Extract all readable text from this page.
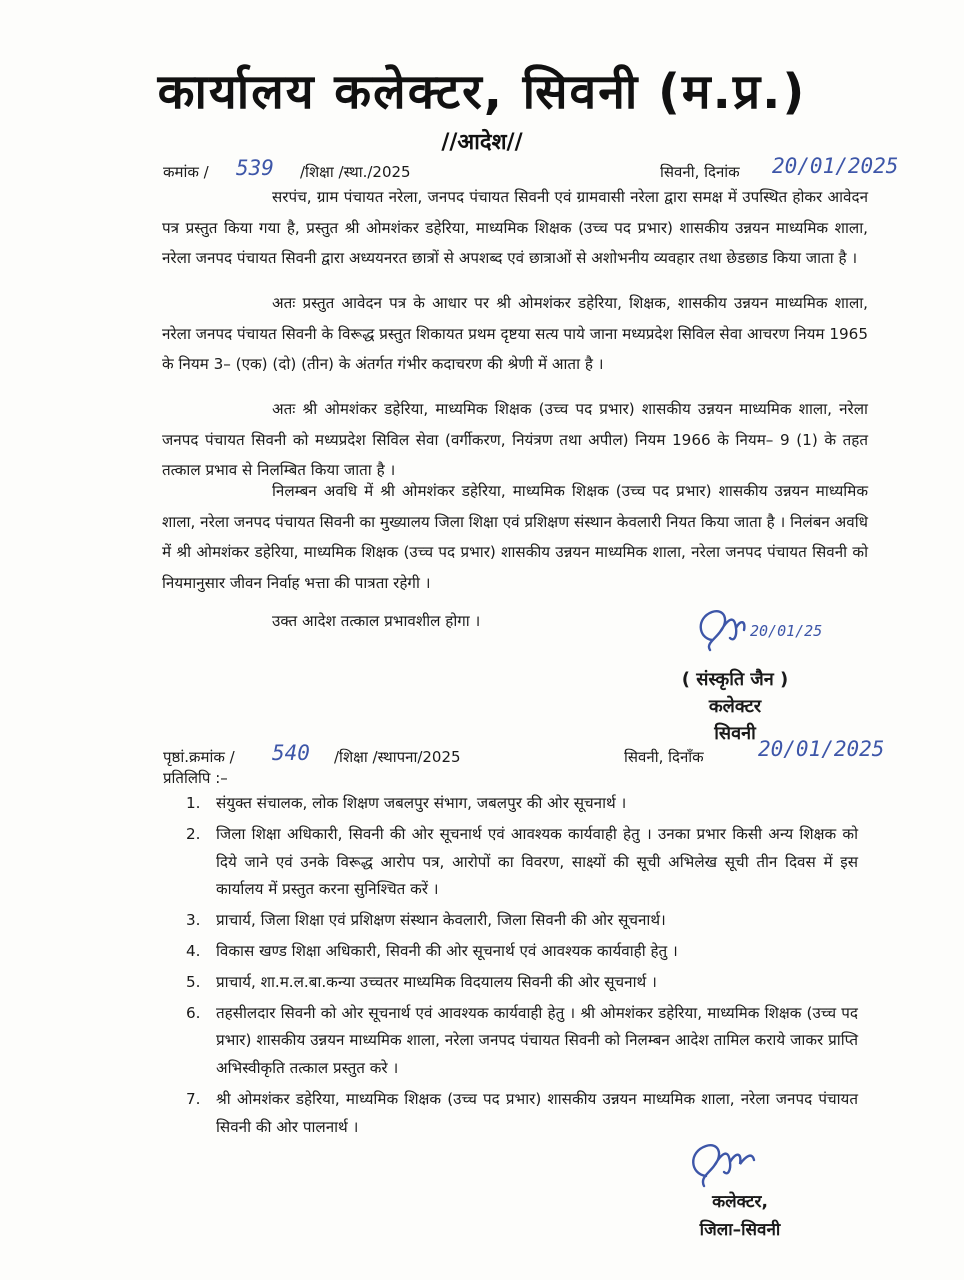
कार्यालय कलेक्टर, सिवनी (म.प्र.)
//आदेश//
कमांक / 539 /शिक्षा /स्था./2025	सिवनी, दिनांक 20/01/2025

सरपंच, ग्राम पंचायत नरेला, जनपद पंचायत सिवनी एवं ग्रामवासी नरेला द्वारा समक्ष में उपस्थित होकर आवेदन पत्र प्रस्तुत किया गया है, प्रस्तुत श्री ओमशंकर डहेरिया, माध्यमिक शिक्षक (उच्च पद प्रभार) शासकीय उन्नयन माध्यमिक शाला, नरेला जनपद पंचायत सिवनी द्वारा अध्ययनरत छात्रों से अपशब्द एवं छात्राओं से अशोभनीय व्यवहार तथा छेडछाड किया जाता है ।

अतः प्रस्तुत आवेदन पत्र के आधार पर श्री ओमशंकर डहेरिया, शिक्षक, शासकीय उन्नयन माध्यमिक शाला, नरेला जनपद पंचायत सिवनी के विरूद्ध प्रस्तुत शिकायत प्रथम दृष्टया सत्य पाये जाना मध्यप्रदेश सिविल सेवा आचरण नियम 1965 के नियम 3– (एक) (दो) (तीन) के अंतर्गत गंभीर कदाचरण की श्रेणी में आता है ।

अतः श्री ओमशंकर डहेरिया, माध्यमिक शिक्षक (उच्च पद प्रभार) शासकीय उन्नयन माध्यमिक शाला, नरेला जनपद पंचायत सिवनी को मध्यप्रदेश सिविल सेवा (वर्गीकरण, नियंत्रण तथा अपील) नियम 1966 के नियम– 9 (1) के तहत तत्काल प्रभाव से निलम्बित किया जाता है ।

निलम्बन अवधि में श्री ओमशंकर डहेरिया, माध्यमिक शिक्षक (उच्च पद प्रभार) शासकीय उन्नयन माध्यमिक शाला, नरेला जनपद पंचायत सिवनी का मुख्यालय जिला शिक्षा एवं प्रशिक्षण संस्थान केवलारी नियत किया जाता है । निलंबन अवधि में श्री ओमशंकर डहेरिया, माध्यमिक शिक्षक (उच्च पद प्रभार) शासकीय उन्नयन माध्यमिक शाला, नरेला जनपद पंचायत सिवनी को नियमानुसार जीवन निर्वाह भत्ता की पात्रता रहेगी ।

उक्त आदेश तत्काल प्रभावशील होगा ।

20/01/25
( संस्कृति जैन )
कलेक्टर
सिवनी
पृष्ठां.क्रमांक / 540 /शिक्षा /स्थापना/2025	सिवनी, दिनाँक	20/01/2025
प्रतिलिपि :–
1. संयुक्त संचालक, लोक शिक्षण जबलपुर संभाग, जबलपुर की ओर सूचनार्थ ।
2. जिला शिक्षा अधिकारी, सिवनी की ओर सूचनार्थ एवं आवश्यक कार्यवाही हेतु । उनका प्रभार किसी अन्य शिक्षक को दिये जाने एवं उनके विरूद्ध आरोप पत्र, आरोपों का विवरण, साक्ष्यों की सूची अभिलेख सूची तीन दिवस में इस कार्यालय में प्रस्तुत करना सुनिश्चित करें ।
3. प्राचार्य, जिला शिक्षा एवं प्रशिक्षण संस्थान केवलारी, जिला सिवनी की ओर सूचनार्थ।
4. विकास खण्ड शिक्षा अधिकारी, सिवनी की ओर सूचनार्थ एवं आवश्यक कार्यवाही हेतु ।
5. प्राचार्य, शा.म.ल.बा.कन्या उच्चतर माध्यमिक विदयालय सिवनी की ओर सूचनार्थ ।
6. तहसीलदार सिवनी को ओर सूचनार्थ एवं आवश्यक कार्यवाही हेतु । श्री ओमशंकर डहेरिया, माध्यमिक शिक्षक (उच्च पद प्रभार) शासकीय उन्नयन माध्यमिक शाला, नरेला जनपद पंचायत सिवनी को निलम्बन आदेश तामिल कराये जाकर प्राप्ति अभिस्वीकृति तत्काल प्रस्तुत करे ।
7. श्री ओमशंकर डहेरिया, माध्यमिक शिक्षक (उच्च पद प्रभार) शासकीय उन्नयन माध्यमिक शाला, नरेला जनपद पंचायत सिवनी की ओर पालनार्थ ।
कलेक्टर,
जिला–सिवनी
